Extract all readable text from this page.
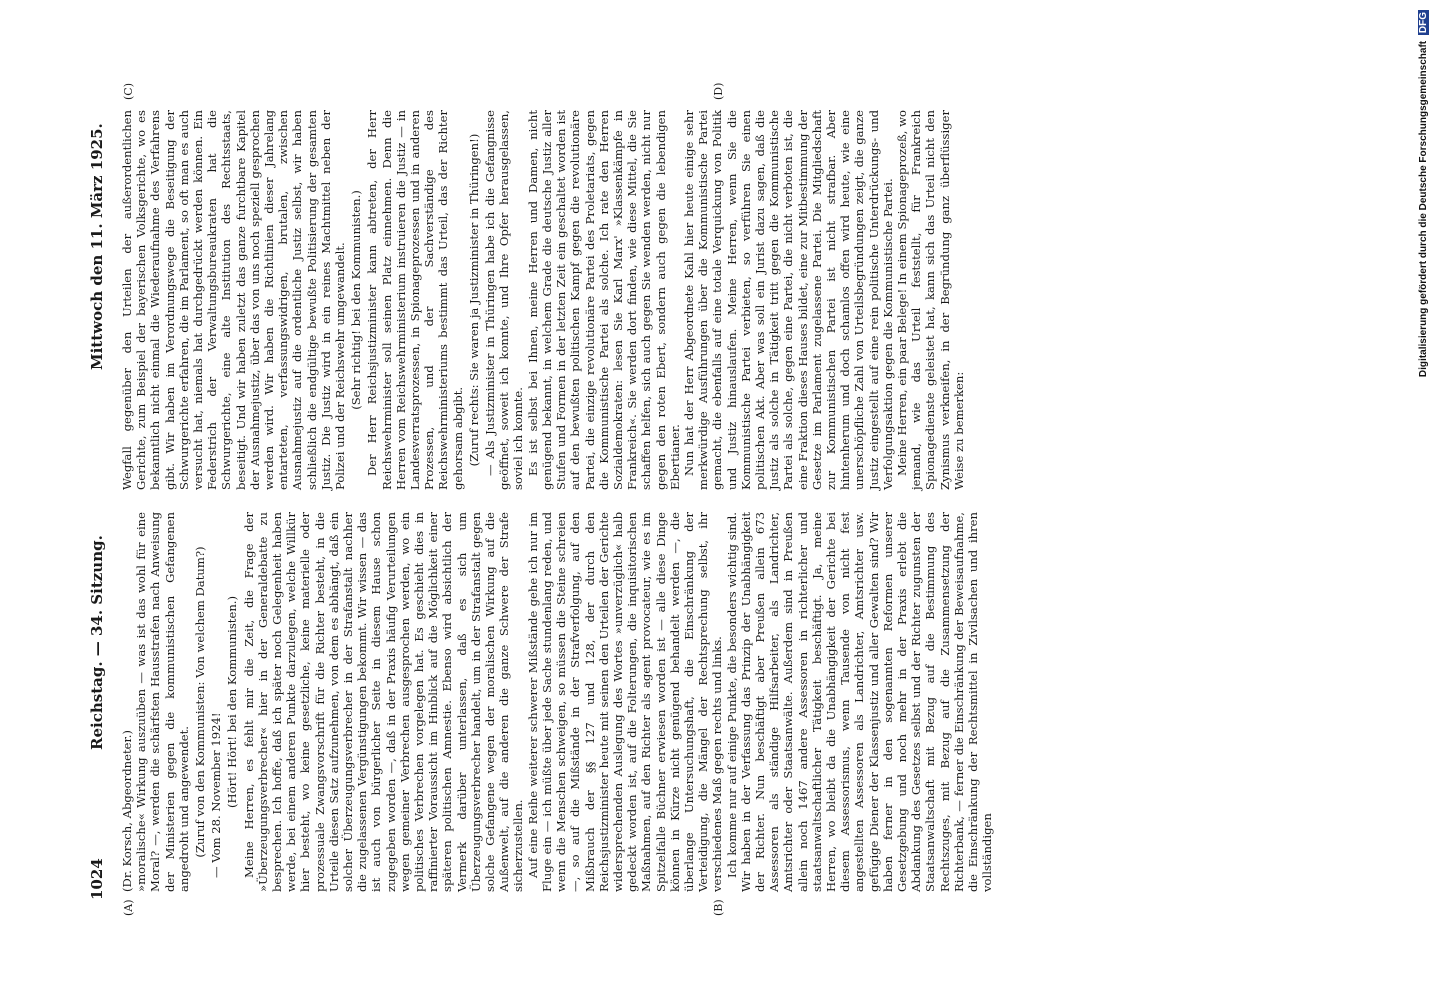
1024
Reichstag. — 34. Sitzung.
Mittwoch den 11. März 1925.
(A)	(B)
(C)	(D)

(Dr. Korsch, Abgeordneter.) »moralische« Wirkung auszuüben — was ist das wohl für eine Moral? —, werden die schärfsten Hausstrafen nach Anweisung der Ministerien gegen die kommunistischen Gefangenen angedroht und angewendet. (Zuruf von den Kommunisten: Von welchem Datum?) — Vom 28. November 1924! (Hört! Hört! bei den Kommunisten.) Meine Herren, es fehlt mir die Zeit, die Frage der »Überzeugungsverbrecher« hier in der Generaldebatte zu besprechen. Ich hoffe, daß ich später noch Gelegenheit haben werde, bei einem anderen Punkte darzulegen, welche Willkür hier besteht, wo keine gesetzliche, keine materielle oder prozessuale Zwangsvorschrift für die Richter besteht, in die Urteile diesen Satz aufzunehmen, von dem es abhängt, daß ein solcher Überzeugungsverbrecher in der Strafanstalt nachher die zugelassenen Vergünstigungen bekommt. Wir wissen — das ist auch von bürgerlicher Seite in diesem Hause schon zugegeben worden —, daß in der Praxis häufig Verurteilungen wegen gemeiner Verbrechen ausgesprochen werden, wo ein politisches Verbrechen vorgelegen hat. Es geschieht dies in raffinierter Voraussicht im Hinblick auf die Möglichkeit einer späteren politischen Amnestie. Ebenso wird absichtlich der Vermerk darüber unterlassen, daß es sich um Überzeugungsverbrecher handelt, um in der Strafanstalt gegen solche Gefangene wegen der moralischen Wirkung auf die Außenwelt, auf die anderen die ganze Schwere der Strafe sicherzustellen. Auf eine Reihe weiterer schwerer Mißstände gehe ich nur im Fluge ein — ich müßte über jede Sache stundenlang reden, und wenn die Menschen schweigen, so müssen die Steine schreien —, so auf die Mißstände in der Strafverfolgung, auf den Mißbrauch der §§ 127 und 128, der durch den Reichsjustizminister heute mit seinen den Urteilen der Gerichte widersprechenden Auslegung des Wortes »unverzüglich« halb gedeckt worden ist, auf die Folterungen, die inquisitorischen Maßnahmen, auf den Richter als agent provocateur, wie es im Spitzelfalle Büchner erwiesen worden ist — alle diese Dinge können in Kürze nicht genügend behandelt werden —, die überlange Untersuchungshaft, die Einschränkung der Verteidigung, die Mängel der Rechtsprechung selbst, ihr verschiedenes Maß gegen rechts und links. Ich komme nur auf einige Punkte, die besonders wichtig sind. Wir haben in der Verfassung das Prinzip der Unabhängigkeit der Richter. Nun beschäftigt aber Preußen allein 673 Assessoren als ständige Hilfsarbeiter, als Landrichter, Amtsrichter oder Staatsanwälte. Außerdem sind in Preußen allein noch 1467 andere Assessoren in richterlicher und staatsanwaltschaftlicher Tätigkeit beschäftigt. Ja, meine Herren, wo bleibt da die Unabhängigkeit der Gerichte bei diesem Assessorismus, wenn Tausende von nicht fest angestellten Assessoren als Landrichter, Amtsrichter usw. gefügige Diener der Klassenjustiz und aller Gewalten sind? Wir haben ferner in den sogenannten Reformen unserer Gesetzgebung und noch mehr in der Praxis erlebt die Abdankung des Gesetzes selbst und der Richter zugunsten der Staatsanwaltschaft mit Bezug auf die Bestimmung des Rechtszuges, mit Bezug auf die Zusammensetzung der Richterbank, — ferner die Einschränkung der Beweisaufnahme, die Einschränkung der Rechtsmittel in Zivilsachen und ihren vollständigen

Wegfall gegenüber den Urteilen der außerordentlichen Gerichte, zum Beispiel der bayerischen Volksgerichte, wo es bekanntlich nicht einmal die Wiederaufnahme des Verfahrens gibt. Wir haben im Verordnungswege die Beseitigung der Schwurgerichte erfahren, die im Parlament, so oft man es auch versucht hat, niemals hat durchgedrückt werden können. Ein Federstrich der Verwaltungsbureaukraten hat die Schwurgerichte, eine alte Institution des Rechtsstaats, beseitigt. Und wir haben zuletzt das ganze furchtbare Kapitel der Ausnahmejustiz, über das von uns noch speziell gesprochen werden wird. Wir haben die Richtlinien dieser Jahrelang entarteten, verfassungswidrigen, brutalen, zwischen Ausnahmejustiz auf die ordentliche Justiz selbst, wir haben schließlich die endgültige bewußte Politisierung der gesamten Justiz. Die Justiz wird in ein reines Machtmittel neben der Polizei und der Reichswehr umgewandelt. (Sehr richtig! bei den Kommunisten.) Der Herr Reichsjustizminister kann abtreten, der Herr Reichswehrminister soll seinen Platz einnehmen. Denn die Herren vom Reichswehrministerium instruieren die Justiz — in Landesverratsprozessen, in Spionageprozessen und in anderen Prozessen, und der Sachverständige des Reichswehrministeriums bestimmt das Urteil, das der Richter gehorsam abgibt. (Zuruf rechts: Sie waren ja Justizminister in Thüringen!) — Als Justizminister in Thüringen habe ich die Gefangnisse geöffnet, soweit ich konnte, und Ihre Opfer herausgelassen, soviel ich konnte. Es ist selbst bei Ihnen, meine Herren und Damen, nicht genügend bekannt, in welchem Grade die deutsche Justiz aller Stufen und Formen in der letzten Zeit ein geschaltet worden ist auf den bewußten politischen Kampf gegen die revolutionäre Partei, die einzige revolutionäre Partei des Proletariats, gegen die Kommunistische Partei als solche. Ich rate den Herren Sozialdemokraten: lesen Sie Karl Marx' »Klassenkämpfe in Frankreich«. Sie werden dort finden, wie diese Mittel, die Sie schaffen helfen, sich auch gegen Sie wenden werden, nicht nur gegen den roten Ebert, sondern auch gegen die lebendigen Ebertianer. Nun hat der Herr Abgeordnete Kahl hier heute einige sehr merkwürdige Ausführungen über die Kommunistische Partei gemacht, die ebenfalls auf eine totale Verquickung von Politik und Justiz hinauslaufen. Meine Herren, wenn Sie die Kommunistische Partei verbieten, so verführen Sie einen politischen Akt. Aber was soll ein Jurist dazu sagen, daß die Justiz als solche in Tätigkeit tritt gegen die Kommunistische Partei als solche, gegen eine Partei, die nicht verboten ist, die eine Fraktion dieses Hauses bildet, eine zur Mitbestimmung der Gesetze im Parlament zugelassene Partei. Die Mitgliedschaft zur Kommunistischen Partei ist nicht strafbar. Aber hintenherum und doch schamlos offen wird heute, wie eine unerschöpfliche Zahl von Urteilsbegründungen zeigt, die ganze Justiz eingestellt auf eine rein politische Unterdrückungs- und Verfolgungsaktion gegen die Kommunistische Partei. Meine Herren, ein paar Belege! In einem Spionageprozeß, wo jemand, wie das Urteil feststellt, für Frankreich Spionagedienste geleistet hat, kann sich das Urteil nicht den Zynismus verkneifen, in der Begründung ganz überflüssiger Weise zu bemerken:

Digitalisierung gefördert durch die Deutsche Forschungsgemeinschaft DFG
